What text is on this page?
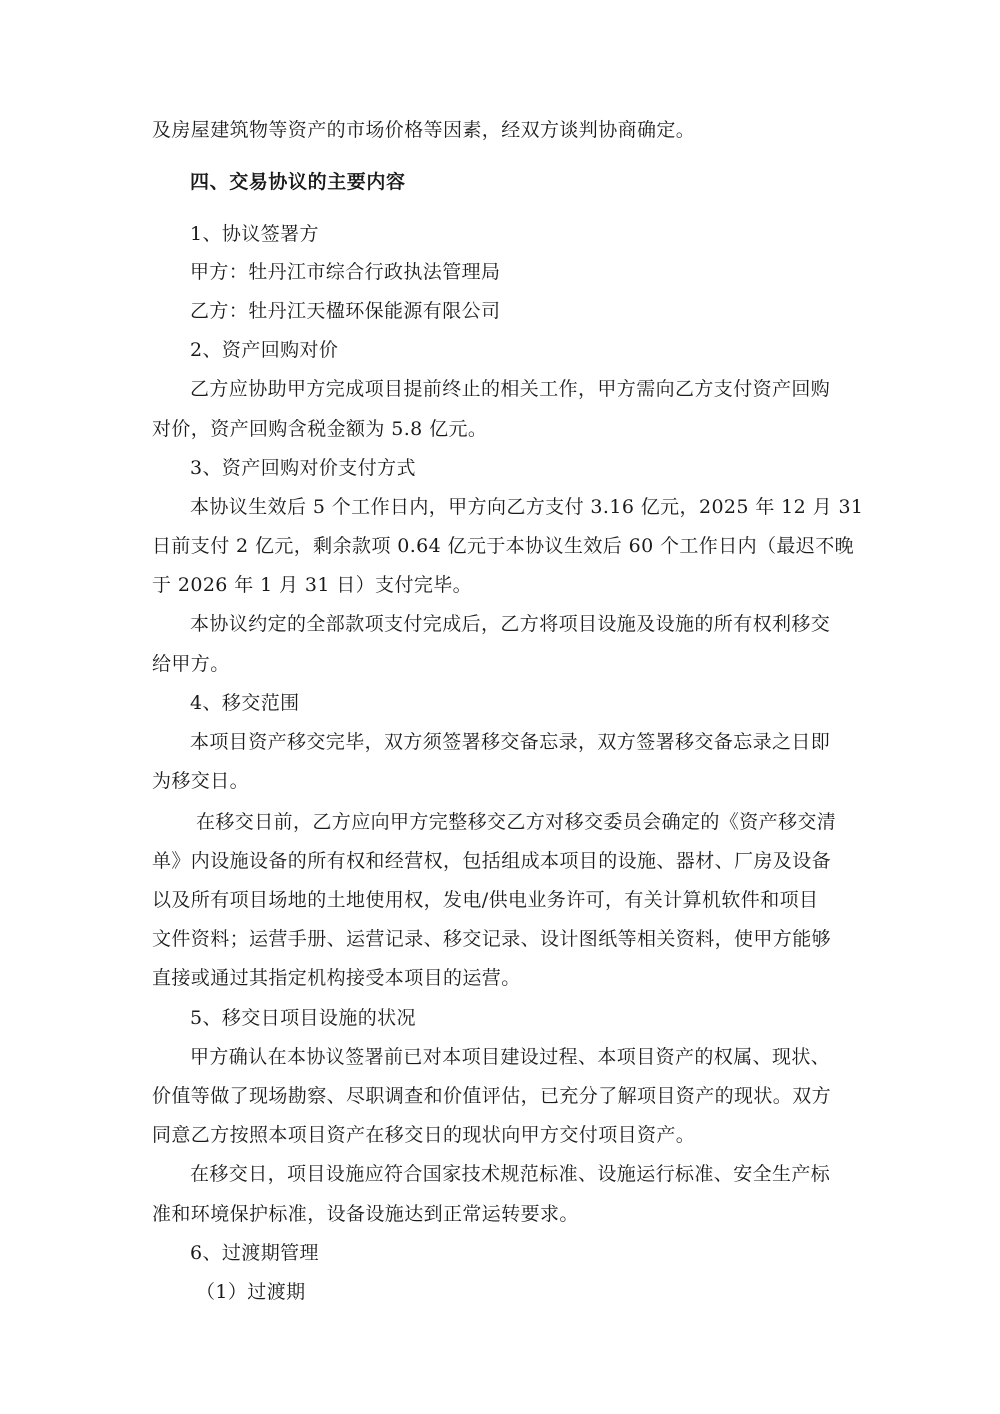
及房屋建筑物等资产的市场价格等因素，经双方谈判协商确定。
四、交易协议的主要内容
1、协议签署方
甲方：牡丹江市综合行政执法管理局
乙方：牡丹江天楹环保能源有限公司
2、资产回购对价
乙方应协助甲方完成项目提前终止的相关工作，甲方需向乙方支付资产回购
对价，资产回购含税金额为 5.8 亿元。
3、资产回购对价支付方式
本协议生效后 5 个工作日内，甲方向乙方支付 3.16 亿元，2025 年 12 月 31
日前支付 2 亿元，剩余款项 0.64 亿元于本协议生效后 60 个工作日内（最迟不晚
于 2026 年 1 月 31 日）支付完毕。
本协议约定的全部款项支付完成后，乙方将项目设施及设施的所有权利移交
给甲方。
4、移交范围
本项目资产移交完毕，双方须签署移交备忘录，双方签署移交备忘录之日即
为移交日。
在移交日前，乙方应向甲方完整移交乙方对移交委员会确定的《资产移交清
单》内设施设备的所有权和经营权，包括组成本项目的设施、器材、厂房及设备
以及所有项目场地的土地使用权，发电/供电业务许可，有关计算机软件和项目
文件资料；运营手册、运营记录、移交记录、设计图纸等相关资料，使甲方能够
直接或通过其指定机构接受本项目的运营。
5、移交日项目设施的状况
甲方确认在本协议签署前已对本项目建设过程、本项目资产的权属、现状、
价值等做了现场勘察、尽职调查和价值评估，已充分了解项目资产的现状。双方
同意乙方按照本项目资产在移交日的现状向甲方交付项目资产。
在移交日，项目设施应符合国家技术规范标准、设施运行标准、安全生产标
准和环境保护标准，设备设施达到正常运转要求。
6、过渡期管理
（1）过渡期
